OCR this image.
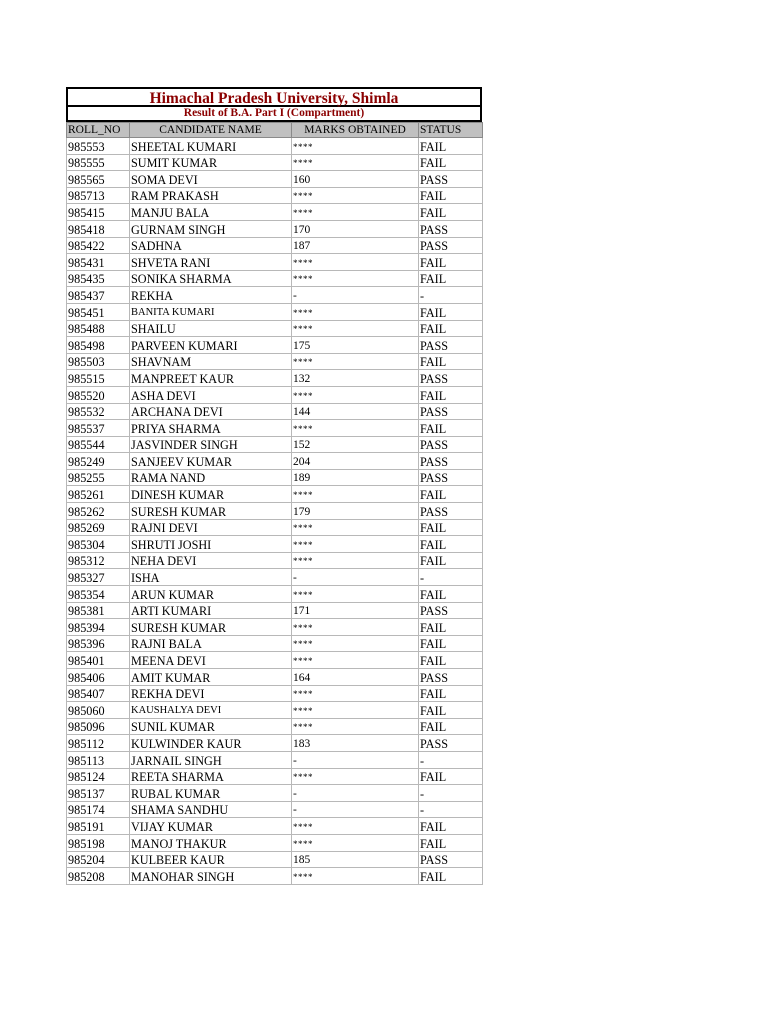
Himachal Pradesh University, Shimla
Result of B.A. Part I (Compartment)
ROLL_NO	CANDIDATE NAME	MARKS OBTAINED	STATUS
985553	SHEETAL KUMARI	****	FAIL
985555	SUMIT KUMAR	****	FAIL
985565	SOMA DEVI	160	PASS
985713	RAM PRAKASH	****	FAIL
985415	MANJU BALA	****	FAIL
985418	GURNAM SINGH	170	PASS
985422	SADHNA	187	PASS
985431	SHVETA RANI	****	FAIL
985435	SONIKA SHARMA	****	FAIL
985437	REKHA	-	-
985451	BANITA KUMARI	****	FAIL
985488	SHAILU	****	FAIL
985498	PARVEEN KUMARI	175	PASS
985503	SHAVNAM	****	FAIL
985515	MANPREET KAUR	132	PASS
985520	ASHA DEVI	****	FAIL
985532	ARCHANA DEVI	144	PASS
985537	PRIYA SHARMA	****	FAIL
985544	JASVINDER SINGH	152	PASS
985249	SANJEEV KUMAR	204	PASS
985255	RAMA NAND	189	PASS
985261	DINESH KUMAR	****	FAIL
985262	SURESH KUMAR	179	PASS
985269	RAJNI DEVI	****	FAIL
985304	SHRUTI JOSHI	****	FAIL
985312	NEHA DEVI	****	FAIL
985327	ISHA	-	-
985354	ARUN KUMAR	****	FAIL
985381	ARTI KUMARI	171	PASS
985394	SURESH KUMAR	****	FAIL
985396	RAJNI BALA	****	FAIL
985401	MEENA DEVI	****	FAIL
985406	AMIT KUMAR	164	PASS
985407	REKHA DEVI	****	FAIL
985060	KAUSHALYA DEVI	****	FAIL
985096	SUNIL KUMAR	****	FAIL
985112	KULWINDER KAUR	183	PASS
985113	JARNAIL SINGH	-	-
985124	REETA SHARMA	****	FAIL
985137	RUBAL KUMAR	-	-
985174	SHAMA SANDHU	-	-
985191	VIJAY KUMAR	****	FAIL
985198	MANOJ THAKUR	****	FAIL
985204	KULBEER KAUR	185	PASS
985208	MANOHAR SINGH	****	FAIL
